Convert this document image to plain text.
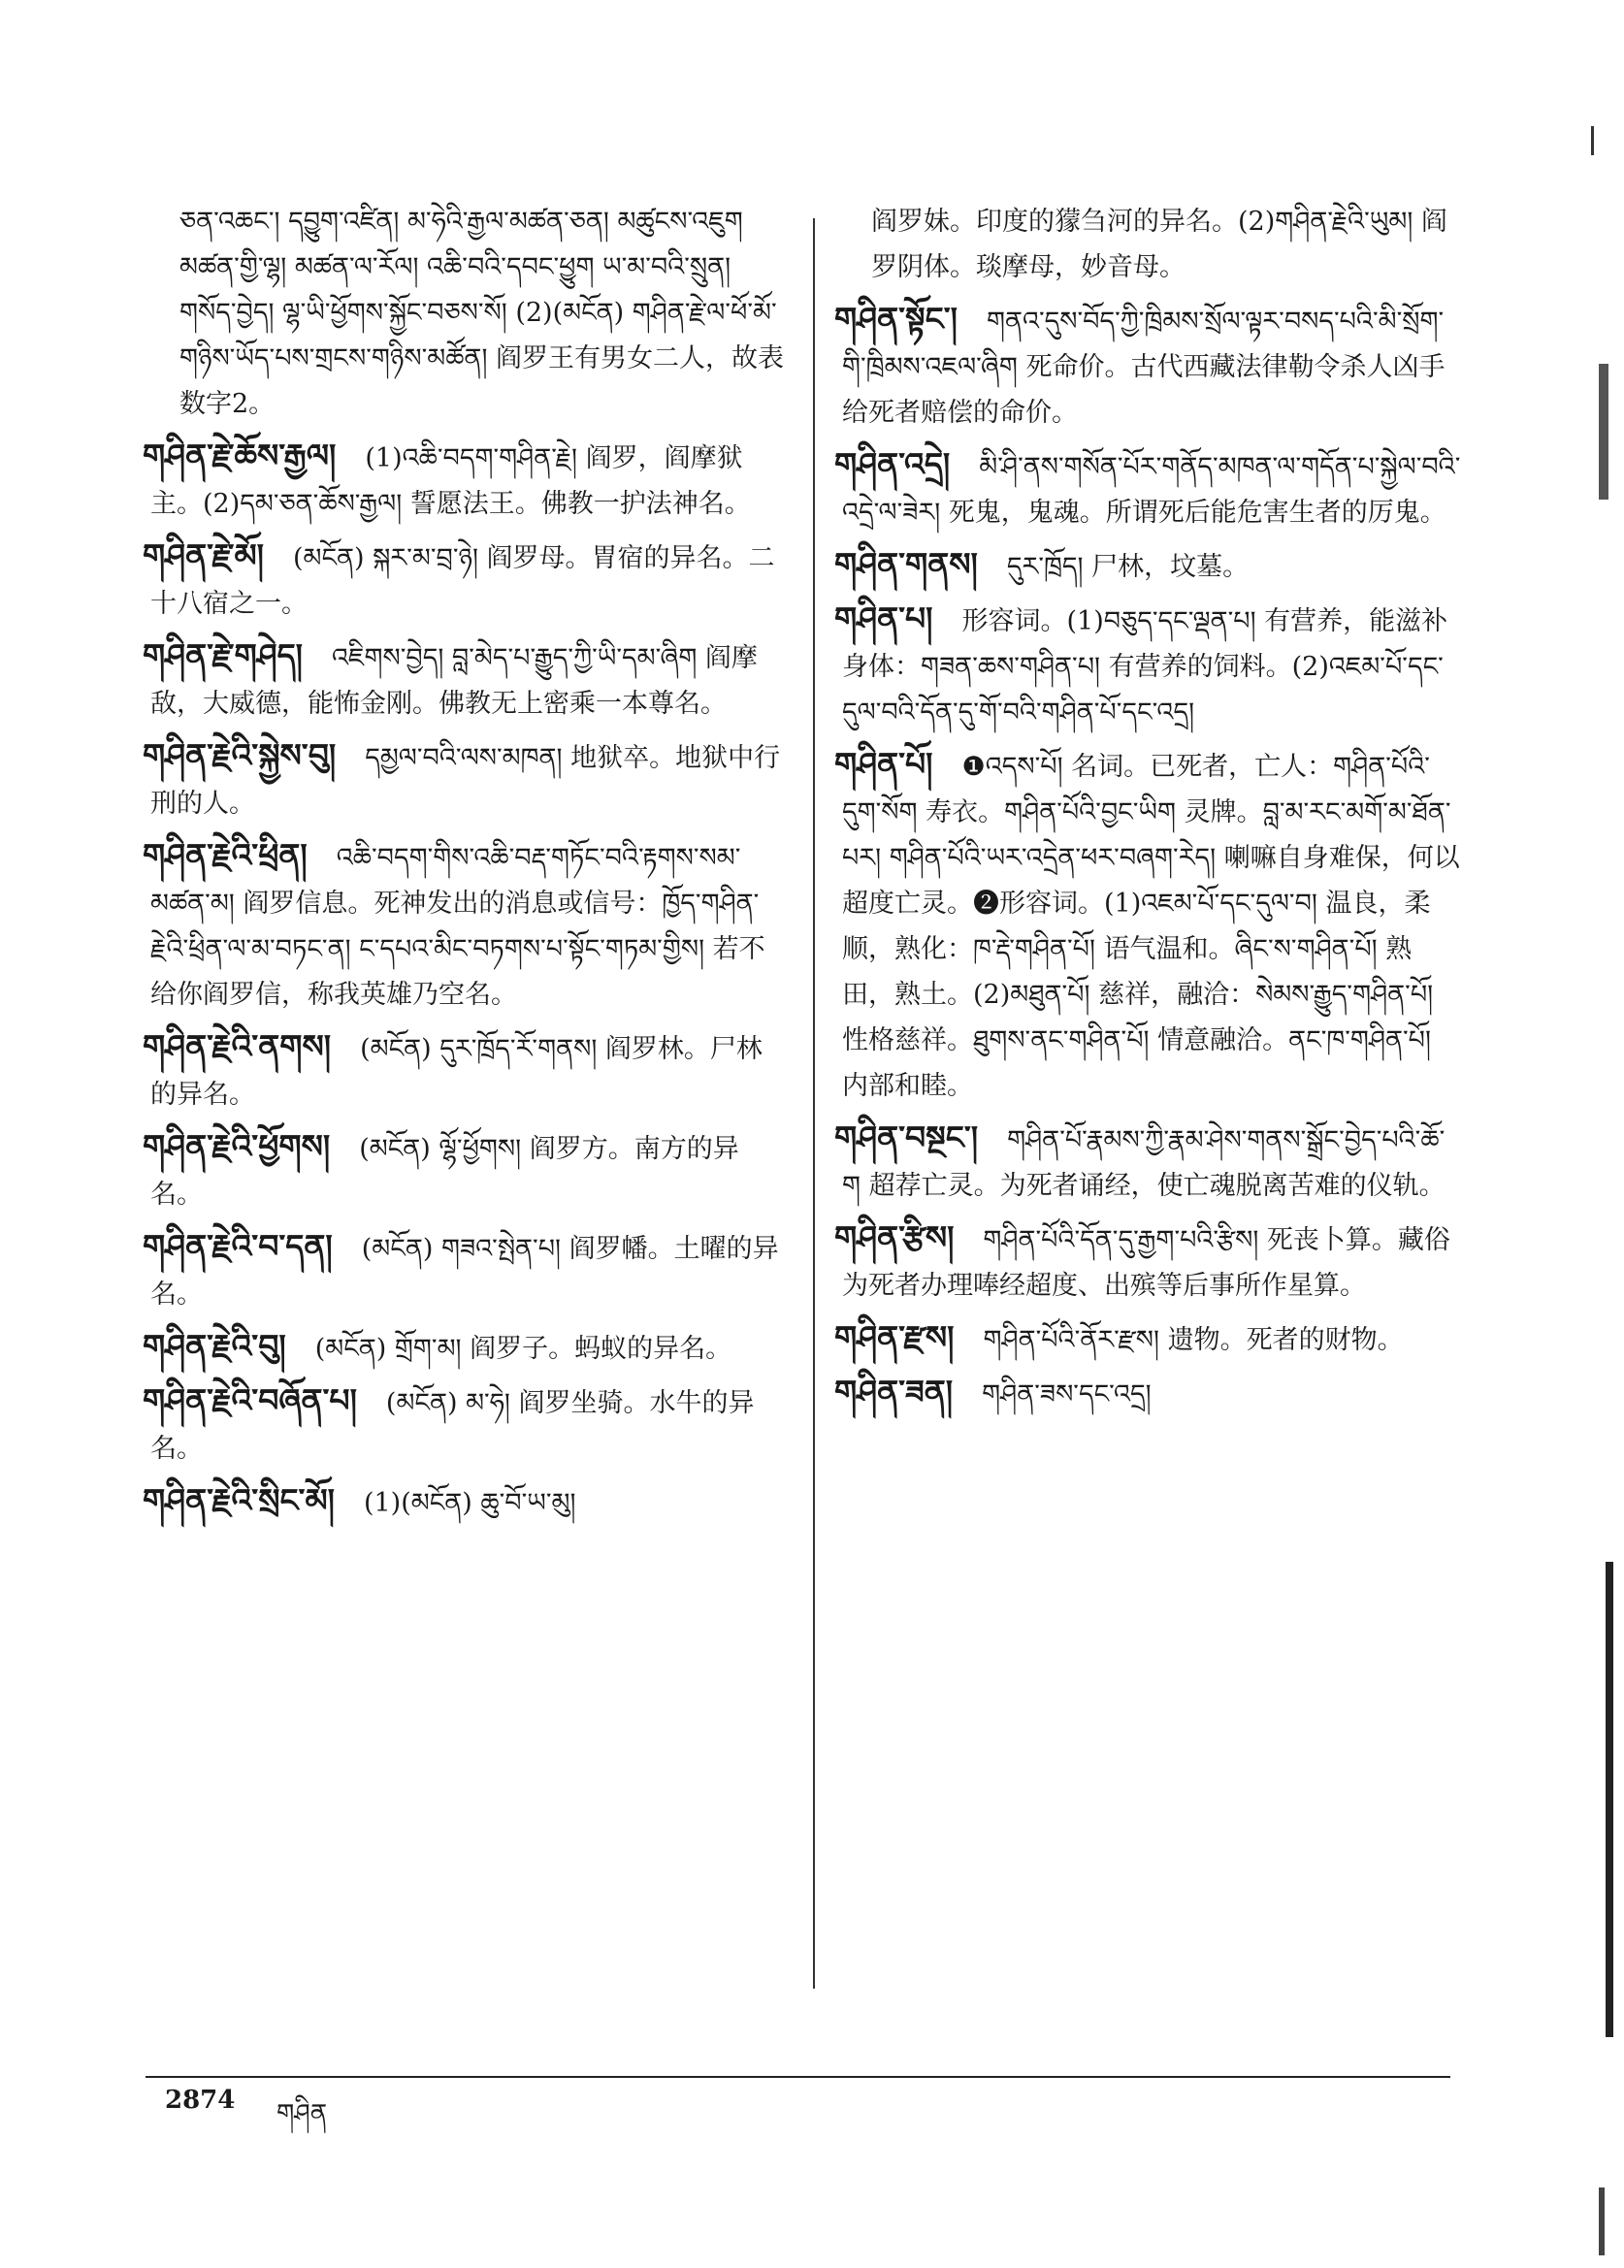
ཅན་འཆང་། དབྱུག་འཛིན། མ་ཧེའི་རྒྱལ་མཚན་ཅན། མཚུངས་འཇུག མཚན་གྱི་ལྷ། མཚན་ལ་རོལ། འཆི་བའི་དབང་ཕྱུག ཡ་མ་བའི་སྲུན། གསོད་བྱེད། ལྷ་ཡི་ཕྱོགས་སྐྱོང་བཅས་སོ། (2)(མངོན) གཤིན་རྗེ་ལ་ཕོ་མོ་གཉིས་ཡོད་པས་གྲངས་གཉིས་མཚོན། 阎罗王有男女二人，故表数字2。
གཤིན་རྗེ་ཆོས་རྒྱལ། (1)འཆི་བདག་གཤིན་རྗེ། 阎罗，阎摩狱主。(2)དམ་ཅན་ཆོས་རྒྱལ། 誓愿法王。佛教一护法神名。
གཤིན་རྗེ་མོ། (མངོན) སྐར་མ་བྲ་ཉེ། 阎罗母。胃宿的异名。二十八宿之一。
གཤིན་རྗེ་གཤེད། འཇིགས་བྱེད། བླ་མེད་པ་རྒྱུད་ཀྱི་ཡི་དམ་ཞིག 阎摩敌，大威德，能怖金刚。佛教无上密乘一本尊名。
གཤིན་རྗེའི་སྐྱེས་བུ། དམྱལ་བའི་ལས་མཁན། 地狱卒。地狱中行刑的人。
གཤིན་རྗེའི་ཕྲིན། འཆི་བདག་གིས་འཆི་བརྡ་གཏོང་བའི་རྟགས་སམ་མཚན་མ། 阎罗信息。死神发出的消息或信号：ཁྱོད་གཤིན་རྗེའི་ཕྲིན་ལ་མ་བཏང་ན། ང་དཔའ་མིང་བཏགས་པ་སྟོང་གཏམ་གྱིས། 若不给你阎罗信，称我英雄乃空名。
གཤིན་རྗེའི་ནགས། (མངོན) དུར་ཁྲོད་རོ་གནས། 阎罗林。尸林的异名。
གཤིན་རྗེའི་ཕྱོགས། (མངོན) ལྷོ་ཕྱོགས། 阎罗方。南方的异名。
གཤིན་རྗེའི་བ་དན། (མངོན) གཟའ་སྤེན་པ། 阎罗幡。土曜的异名。
གཤིན་རྗེའི་བུ། (མངོན) གྲོག་མ། 阎罗子。蚂蚁的异名。
གཤིན་རྗེའི་བཞོན་པ། (མངོན) མ་ཧེ། 阎罗坐骑。水牛的异名。
གཤིན་རྗེའི་སྲིང་མོ། (1)(མངོན) ཆུ་བོ་ཡ་མུ།
阎罗妹。印度的獴刍河的异名。(2)གཤིན་རྗེའི་ཡུམ། 阎罗阴体。琰摩母，妙音母。
གཤིན་སྟོང་། གནའ་དུས་བོད་ཀྱི་ཁྲིམས་སྲོལ་ལྟར་བསད་པའི་མི་སྲོག་གི་ཁྲིམས་འཇལ་ཞིག 死命价。古代西藏法律勒令杀人凶手给死者赔偿的命价。
གཤིན་འདྲེ། མི་ཤི་ནས་གསོན་པོར་གནོད་མཁན་ལ་གདོན་པ་སྐྱེལ་བའི་འདྲེ་ལ་ཟེར། 死鬼，鬼魂。所谓死后能危害生者的厉鬼。
གཤིན་གནས། དུར་ཁྲོད། 尸林，坟墓。
གཤིན་པ། 形容词。(1)བཅུད་དང་ལྡན་པ། 有营养，能滋补身体：གཟན་ཆས་གཤིན་པ། 有营养的饲料。(2)འཇམ་པོ་དང་དུལ་བའི་དོན་དུ་གོ་བའི་གཤིན་པོ་དང་འདྲ།
གཤིན་པོ། ❶འདས་པོ། 名词。已死者，亡人：གཤིན་པོའི་དུག་སོག 寿衣。གཤིན་པོའི་བྱང་ཡིག 灵牌。བླ་མ་རང་མགོ་མ་ཐོན་པར། གཤིན་པོའི་ཡར་འདྲེན་ཕར་བཞག་རེད། 喇嘛自身难保，何以超度亡灵。❷形容词。(1)འཇམ་པོ་དང་དུལ་བ། 温良，柔顺，熟化：ཁ་རྡེ་གཤིན་པོ། 语气温和。ཞིང་ས་གཤིན་པོ། 熟田，熟土。(2)མཐུན་པོ། 慈祥，融洽：སེམས་རྒྱུད་གཤིན་པོ། 性格慈祥。ཐུགས་ནང་གཤིན་པོ། 情意融洽。ནང་ཁ་གཤིན་པོ། 内部和睦。
གཤིན་བསྔང་། གཤིན་པོ་རྣམས་ཀྱི་རྣམ་ཤེས་གནས་སྒྲོང་བྱེད་པའི་ཆོ་ག 超荐亡灵。为死者诵经，使亡魂脱离苦难的仪轨。
གཤིན་རྩིས། གཤིན་པོའི་དོན་དུ་རྒྱག་པའི་རྩིས། 死丧卜算。藏俗为死者办理唪经超度、出殡等后事所作星算。
གཤིན་རྫས། གཤིན་པོའི་ནོར་རྫས། 遗物。死者的财物。
གཤིན་ཟན། གཤིན་ཟས་དང་འདྲ།
2874 གཤིན
